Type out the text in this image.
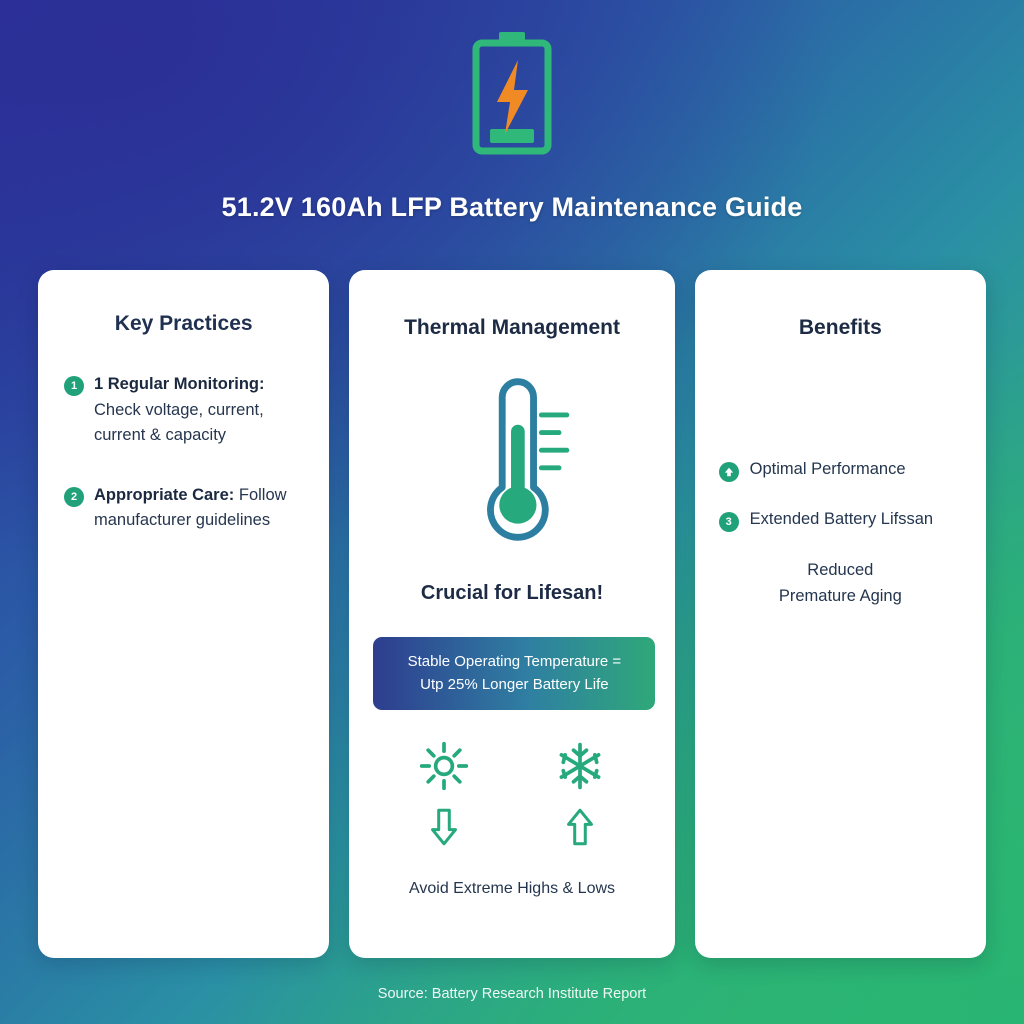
51.2V 160Ah LFP Battery Maintenance Guide
Key Practices
1	1 Regular Monitoring: Check voltage, current, current & capacity
2	Appropriate Care: Follow manufacturer guidelines
Thermal Management
Crucial for Lifesan!
Stable Operating Temperature =
Utp 25% Longer Battery Life
Avoid Extreme Highs & Lows
Benefits
Optimal Performance
3	Extended Battery Lifssan
Reduced
Premature Aging
Source: Battery Research Institute Report
